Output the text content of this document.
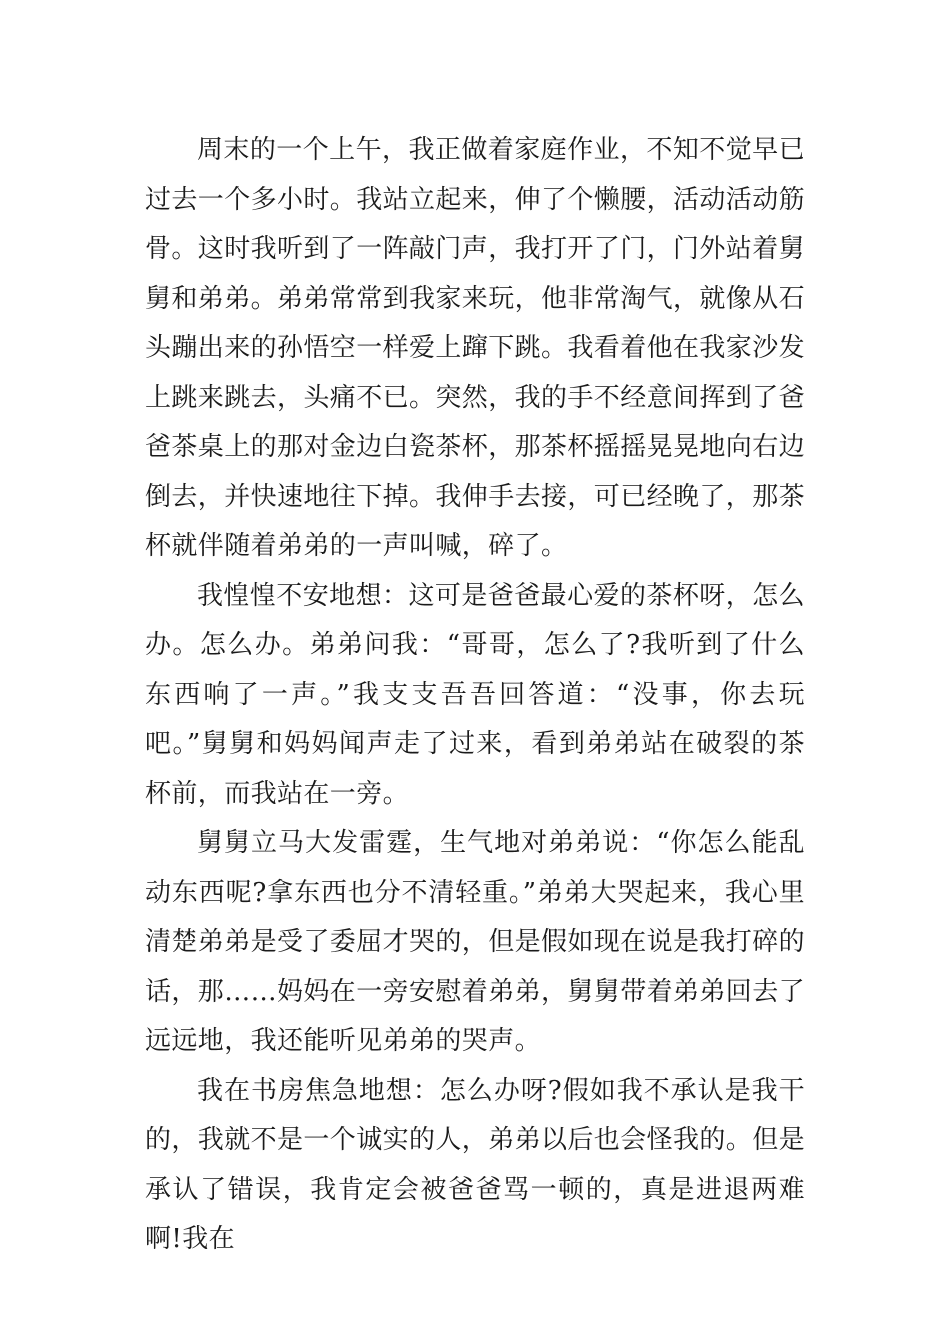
周末的一个上午，我正做着家庭作业，不知不觉早已过去一个多小时。我站立起来，伸了个懒腰，活动活动筋骨。这时我听到了一阵敲门声，我打开了门，门外站着舅舅和弟弟。弟弟常常到我家来玩，他非常淘气，就像从石头蹦出来的孙悟空一样爱上蹿下跳。我看着他在我家沙发上跳来跳去，头痛不已。突然，我的手不经意间挥到了爸爸茶桌上的那对金边白瓷茶杯，那茶杯摇摇晃晃地向右边倒去，并快速地往下掉。我伸手去接，可已经晚了，那茶杯就伴随着弟弟的一声叫喊，碎了。

我惶惶不安地想：这可是爸爸最心爱的茶杯呀，怎么办。怎么办。弟弟问我：“哥哥，怎么了?我听到了什么东西响了一声。”我支支吾吾回答道：“没事，你去玩吧。”舅舅和妈妈闻声走了过来，看到弟弟站在破裂的茶杯前，而我站在一旁。

舅舅立马大发雷霆，生气地对弟弟说：“你怎么能乱动东西呢?拿东西也分不清轻重。”弟弟大哭起来，我心里清楚弟弟是受了委屈才哭的，但是假如现在说是我打碎的话，那……妈妈在一旁安慰着弟弟，舅舅带着弟弟回去了远远地，我还能听见弟弟的哭声。

我在书房焦急地想：怎么办呀?假如我不承认是我干的，我就不是一个诚实的人，弟弟以后也会怪我的。但是承认了错误，我肯定会被爸爸骂一顿的，真是进退两难啊!我在
